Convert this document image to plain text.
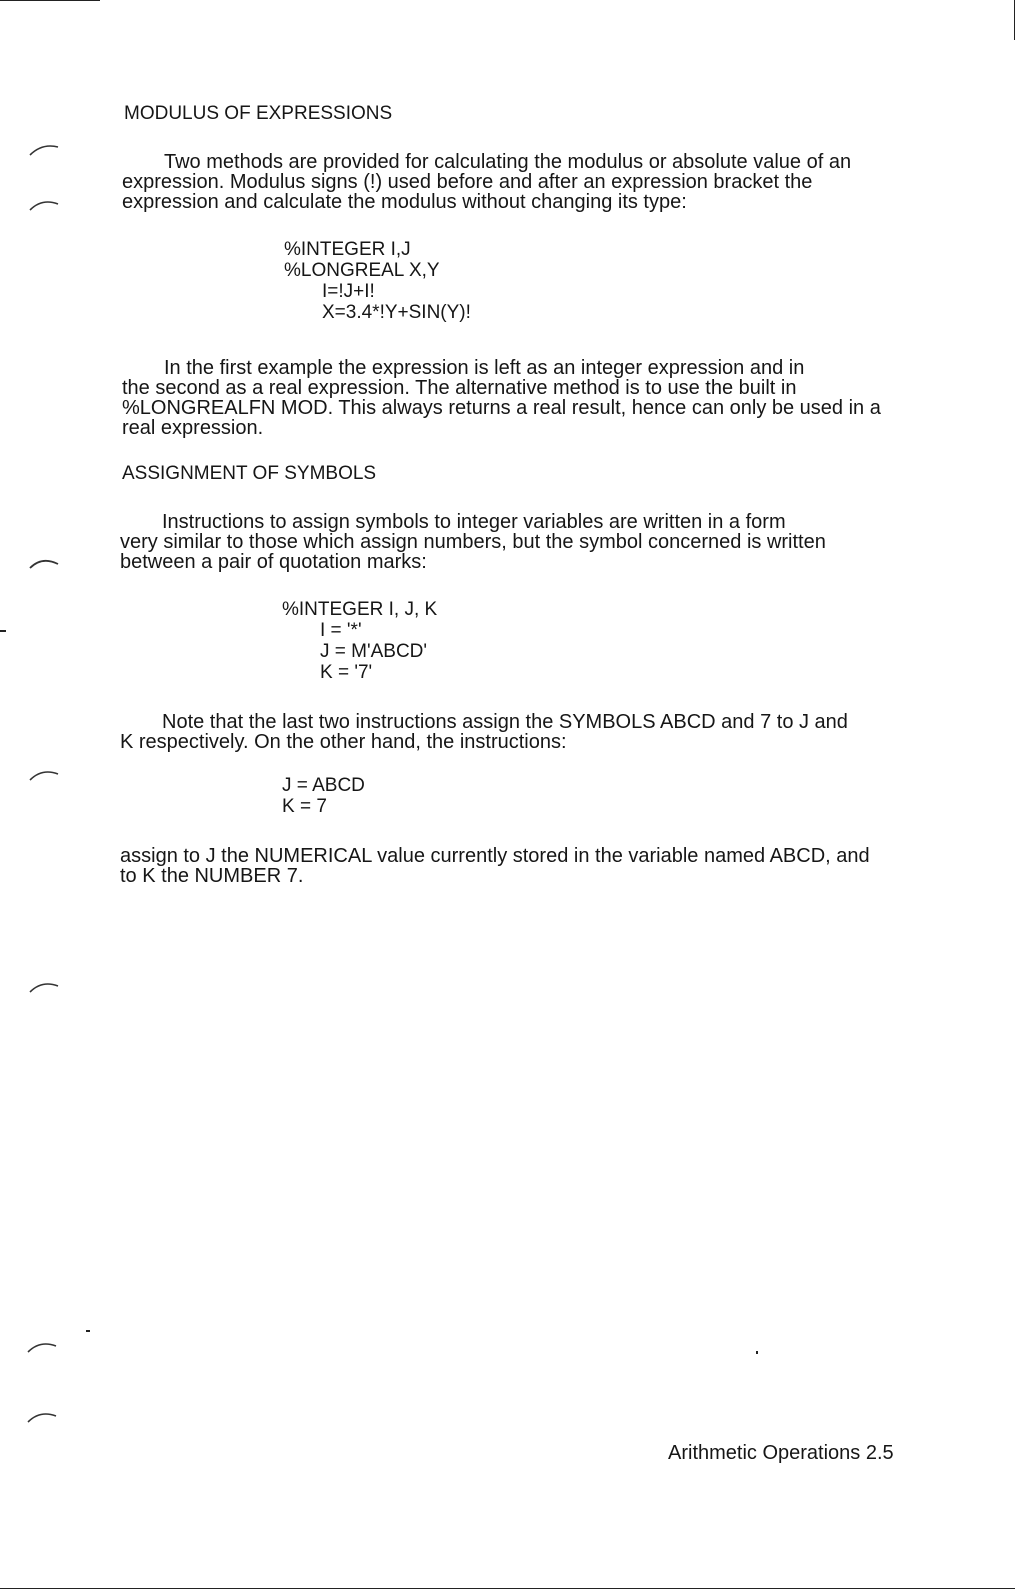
MODULUS OF EXPRESSIONS
Two methods are provided for calculating the modulus or absolute value of an
expression. Modulus signs (!) used before and after an expression bracket the
expression and calculate the modulus without changing its type:
%INTEGER I,J
%LONGREAL X,Y
I=!J+I!
X=3.4*!Y+SIN(Y)!
In the first example the expression is left as an integer expression and in
the second as a real expression. The alternative method is to use the built in
%LONGREALFN MOD. This always returns a real result, hence can only be used in a
real expression.
ASSIGNMENT OF SYMBOLS
Instructions to assign symbols to integer variables are written in a form
very similar to those which assign numbers, but the symbol concerned is written
between a pair of quotation marks:
%INTEGER I, J, K
I = '*'
J = M'ABCD'
K = '7'
Note that the last two instructions assign the SYMBOLS ABCD and 7 to J and
K respectively. On the other hand, the instructions:
J = ABCD
K = 7
assign to J the NUMERICAL value currently stored in the variable named ABCD, and
to K the NUMBER 7.
Arithmetic Operations 2.5
